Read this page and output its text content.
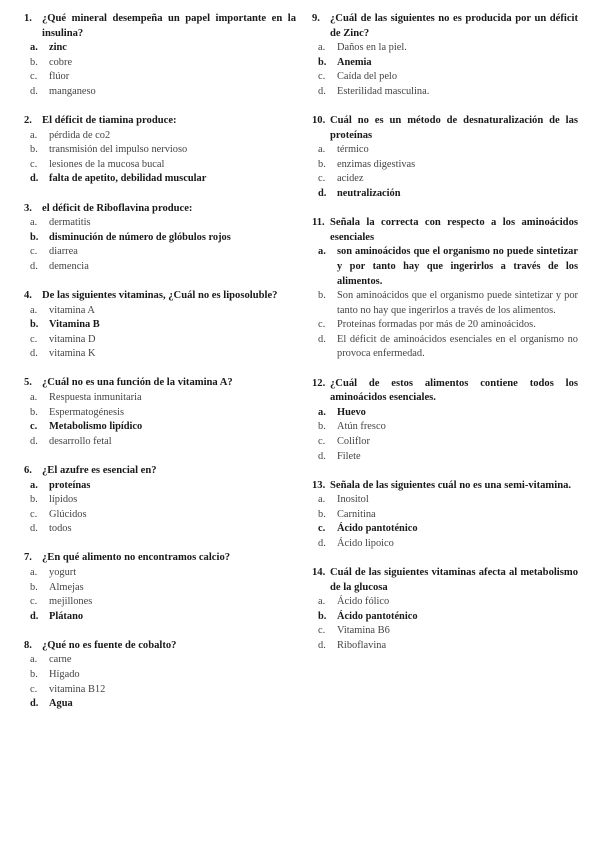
1. ¿Qué mineral desempeña un papel importante en la insulina?
a.	zinc
b.	cobre
c.	flúor
d.	manganeso
2. El déficit de tiamina produce:
a.	pérdida de co2
b.	transmisión del impulso nervioso
c.	lesiones de la mucosa bucal
d.	falta de apetito, debilidad muscular
3. el déficit de Riboflavina produce:
a.	dermatitis
b.	disminución de número de glóbulos rojos
c.	diarrea
d.	demencia
4. De las siguientes vitaminas, ¿Cuál no es liposoluble?
a.	vitamina A
b.	Vitamina B
c.	vitamina D
d.	vitamina K
5. ¿Cuál no es una función de la vitamina A?
a.	Respuesta inmunitaria
b.	Espermatogénesis
c.	Metabolismo lipídico
d.	desarrollo fetal
6. ¿El azufre es esencial en?
a.	proteínas
b.	lípidos
c.	Glúcidos
d.	todos
7. ¿En qué alimento no encontramos calcio?
a.	yogurt
b.	Almejas
c.	mejillones
d.	Plátano
8. ¿Qué no es fuente de cobalto?
a.	carne
b.	Hígado
c.	vitamina B12
d.	Agua
9. ¿Cuál de las siguientes no es producida por un déficit de Zinc?
a.	Daños en la piel.
b.	Anemia
c.	Caída del pelo
d.	Esterilidad masculina.
10. Cuál no es un método de desnaturalización de las proteínas
a.	térmico
b.	enzimas digestivas
c.	acidez
d.	neutralización
11. Señala la correcta con respecto a los aminoácidos esenciales
a.	son aminoácidos que el organismo no puede sintetizar y por tanto hay que ingerirlos a través de los alimentos.
b.	Son aminoácidos que el organismo puede sintetizar y por tanto no hay que ingerirlos a través de los alimentos.
c.	Proteínas formadas por más de 20 aminoácidos.
d.	El déficit de aminoácidos esenciales en el organismo no provoca enfermedad.
12. ¿Cuál de estos alimentos contiene todos los aminoácidos esenciales.
a.	Huevo
b.	Atún fresco
c.	Coliflor
d.	Filete
13. Señala de las siguientes cuál no es una semi-vitamina.
a.	Inositol
b.	Carnitina
c.	Ácido pantoténico
d.	Ácido lipoico
14. Cuál de las siguientes vitaminas afecta al metabolismo de la glucosa
a.	Ácido fólico
b.	Ácido pantoténico
c.	Vitamina B6
d.	Riboflavina
